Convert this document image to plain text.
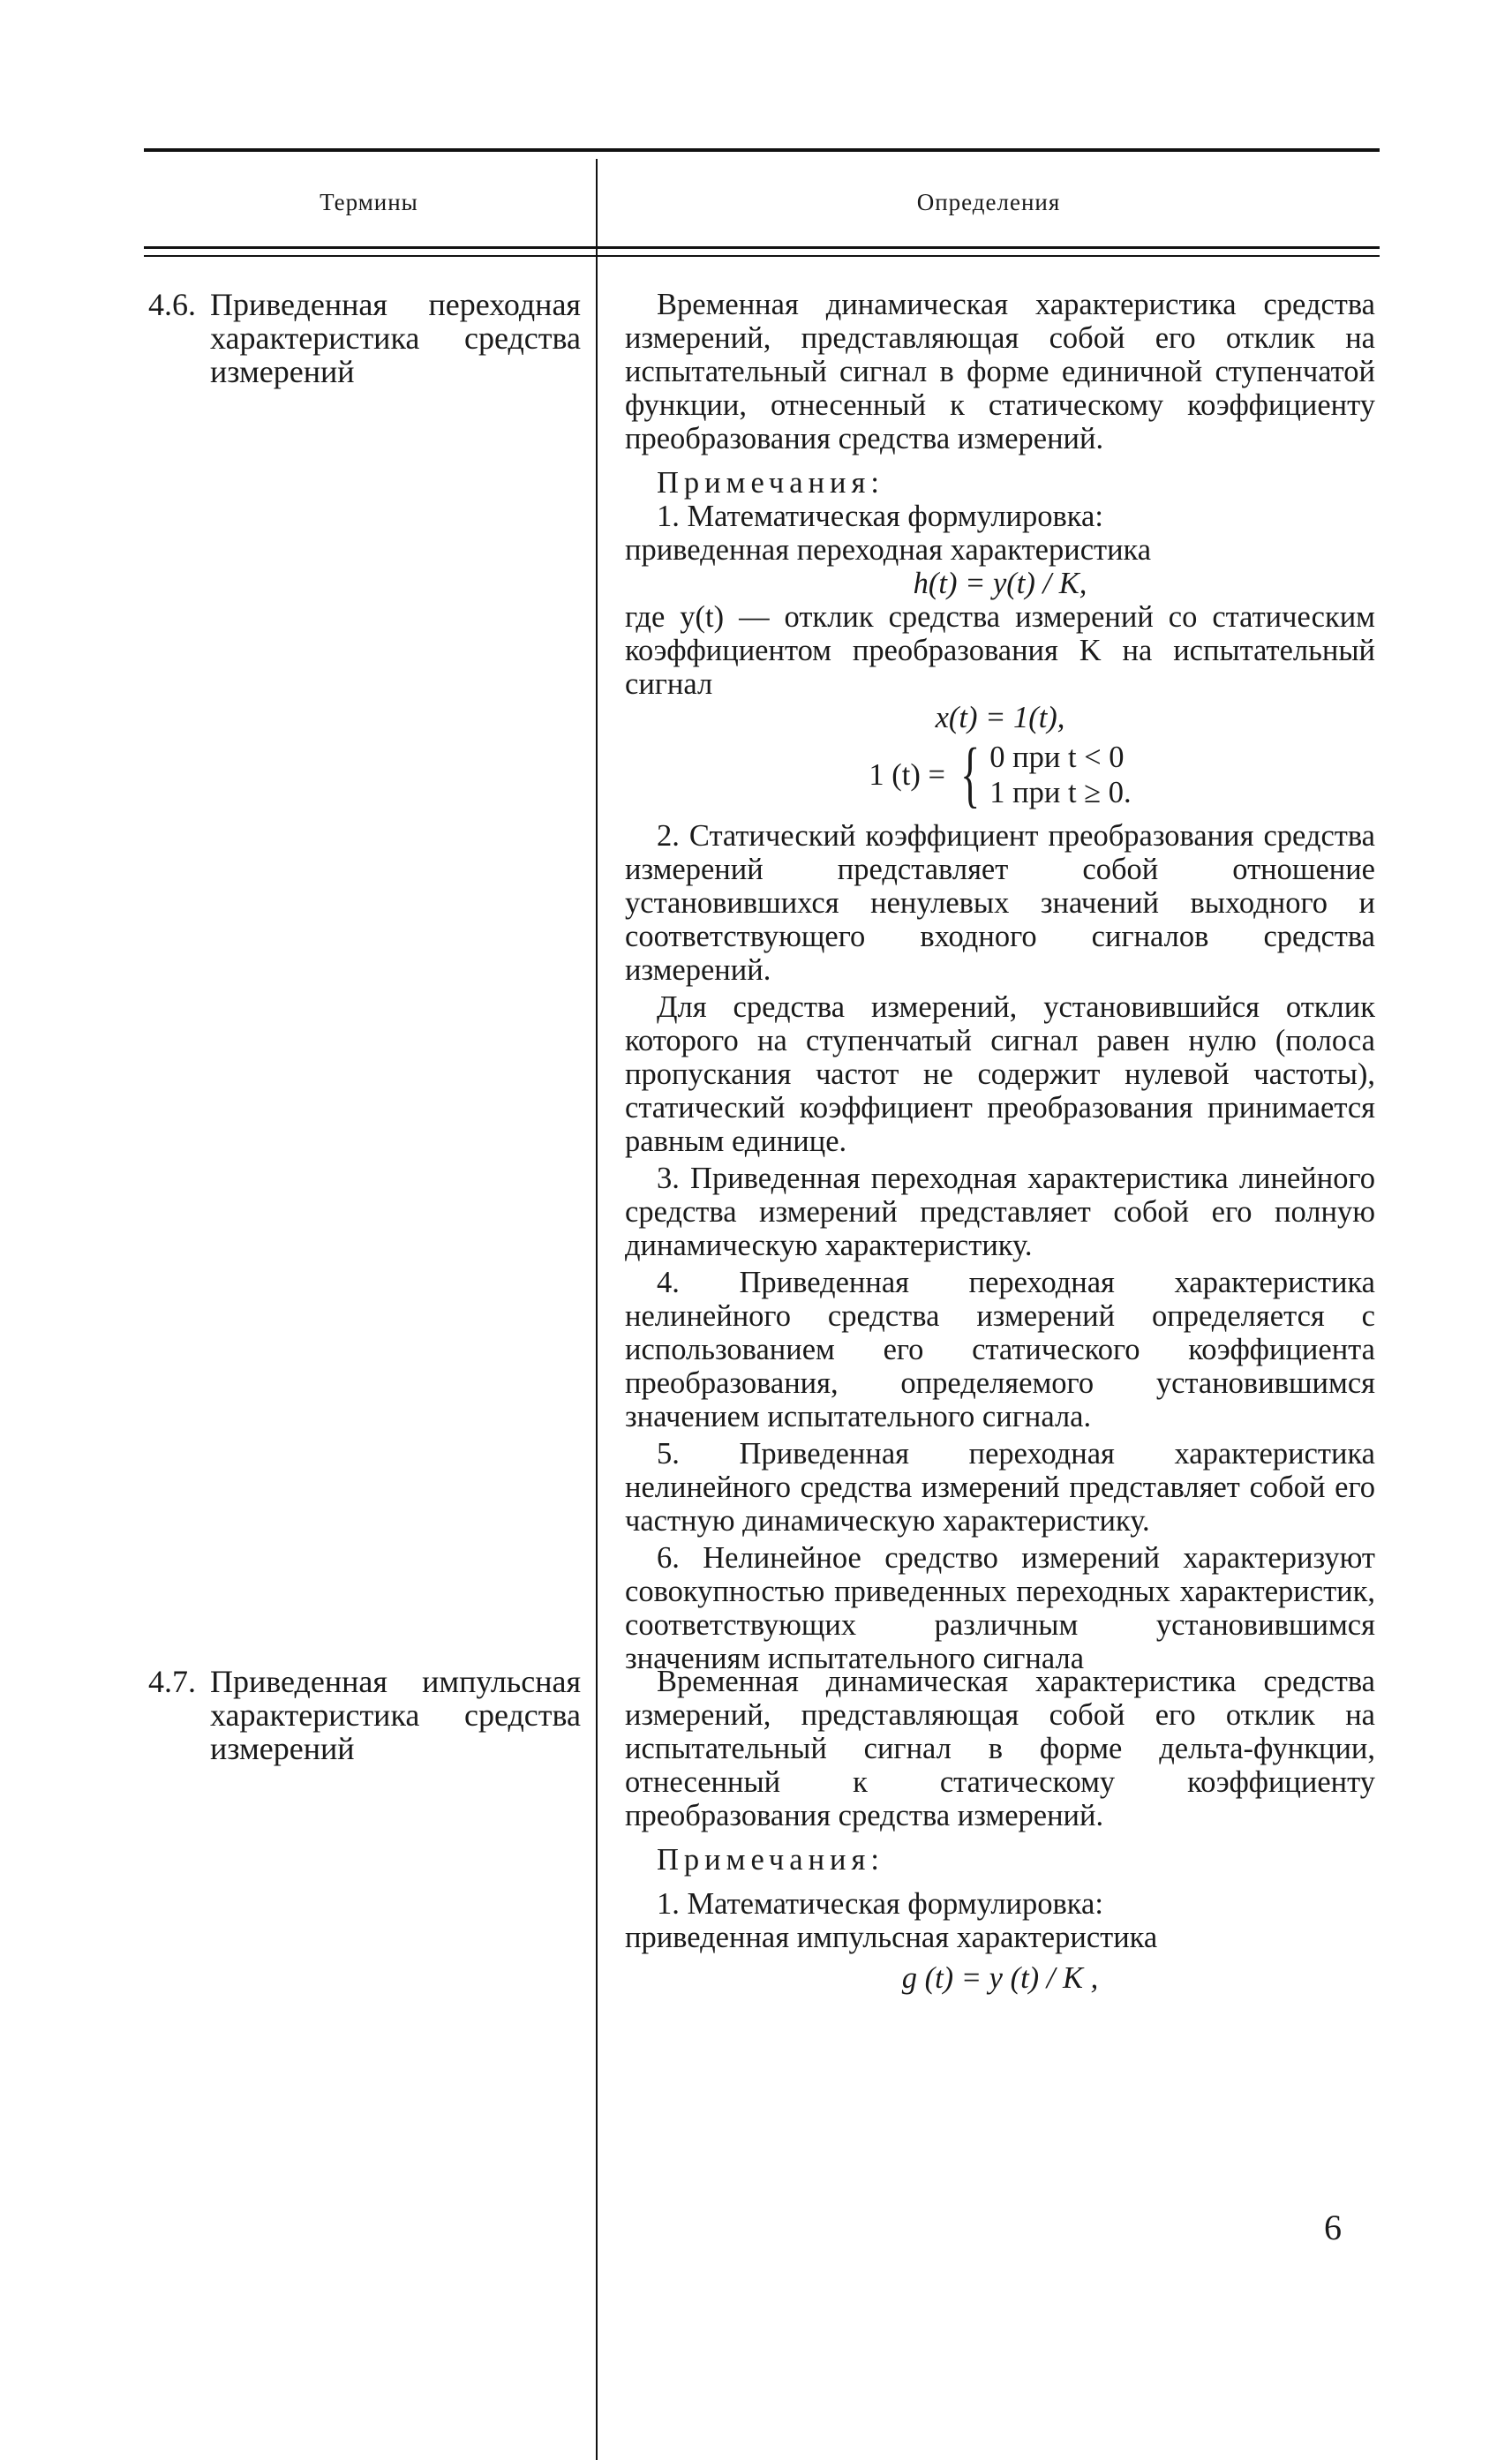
Термины	Определения
4.6. Приведенная переходная характеристика средства измерений

Временная динамическая характеристика средства измерений, представляющая собой его отклик на испытательный сигнал в форме единичной ступенчатой функции, отнесенный к статическому коэффициенту преобразования средства измерений.

Примечания:

1. Математическая формулировка:

приведенная переходная характеристика

h(t) = y(t) / K,

где y(t) — отклик средства измерений со статическим коэффициентом преобразования K на испытательный сигнал

x(t) = 1(t),

1 (t) = { 0 при t < 0
1 при t ≥ 0.

2. Статический коэффициент преобразования средства измерений представляет собой отношение установившихся ненулевых значений выходного и соответствующего входного сигналов средства измерений.

Для средства измерений, установившийся отклик которого на ступенчатый сигнал равен нулю (полоса пропускания частот не содержит нулевой частоты), статический коэффициент преобразования принимается равным единице.

3. Приведенная переходная характеристика линейного средства измерений представляет собой его полную динамическую характеристику.

4. Приведенная переходная характеристика нелинейного средства измерений определяется с использованием его статического коэффициента преобразования, определяемого установившимся значением испытательного сигнала.

5. Приведенная переходная характеристика нелинейного средства измерений представляет собой его частную динамическую характеристику.

6. Нелинейное средство измерений характеризуют совокупностью приведенных переходных характеристик, соответствующих различным установившимся значениям испытательного сигнала

4.7. Приведенная импульсная характеристика средства измерений

Временная динамическая характеристика средства измерений, представляющая собой его отклик на испытательный сигнал в форме дельта-функции, отнесенный к статическому коэффициенту преобразования средства измерений.

Примечания:

1. Математическая формулировка:

приведенная импульсная характеристика

g (t) = y (t) / K ,

6
